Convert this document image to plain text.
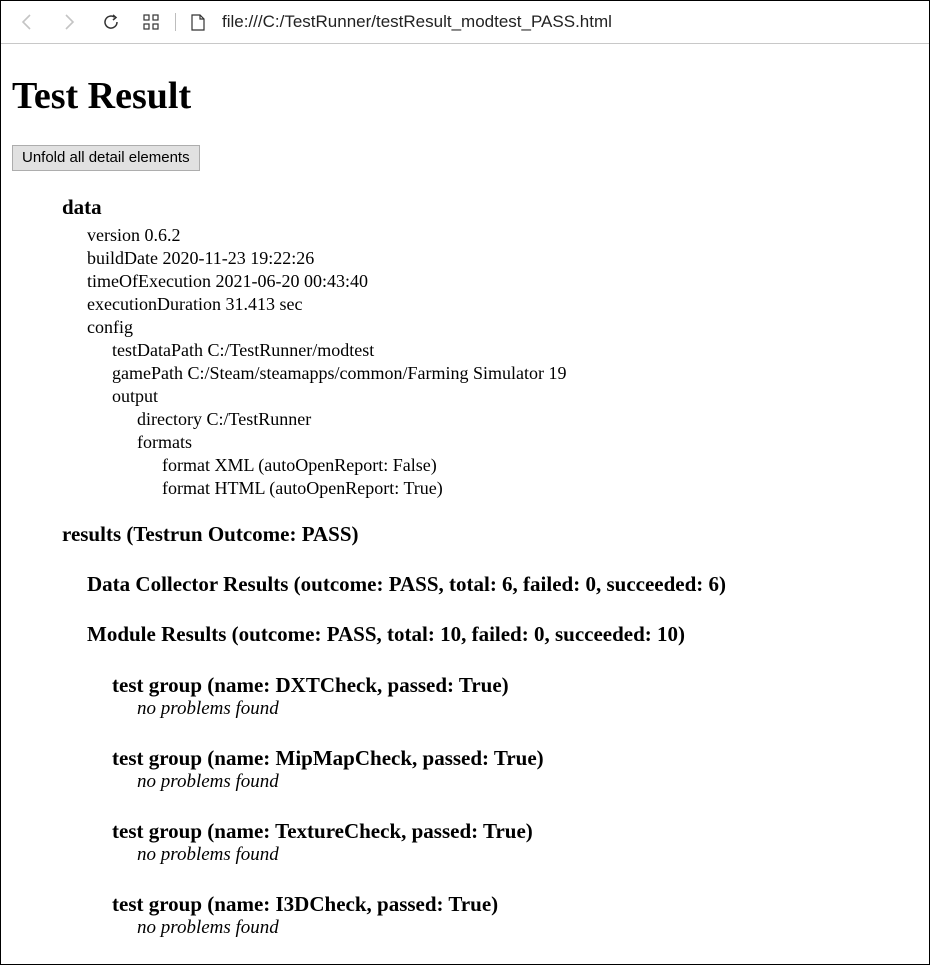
file:///C:/TestRunner/testResult_modtest_PASS.html
Test Result
Unfold all detail elements
data
version 0.6.2
buildDate 2020-11-23 19:22:26
timeOfExecution 2021-06-20 00:43:40
executionDuration 31.413 sec
config
testDataPath C:/TestRunner/modtest
gamePath C:/Steam/steamapps/common/Farming Simulator 19
output
directory C:/TestRunner
formats
format XML (autoOpenReport: False)
format HTML (autoOpenReport: True)
results (Testrun Outcome: PASS)
Data Collector Results (outcome: PASS, total: 6, failed: 0, succeeded: 6)
Module Results (outcome: PASS, total: 10, failed: 0, succeeded: 10)
test group (name: DXTCheck, passed: True)
no problems found
test group (name: MipMapCheck, passed: True)
no problems found
test group (name: TextureCheck, passed: True)
no problems found
test group (name: I3DCheck, passed: True)
no problems found
